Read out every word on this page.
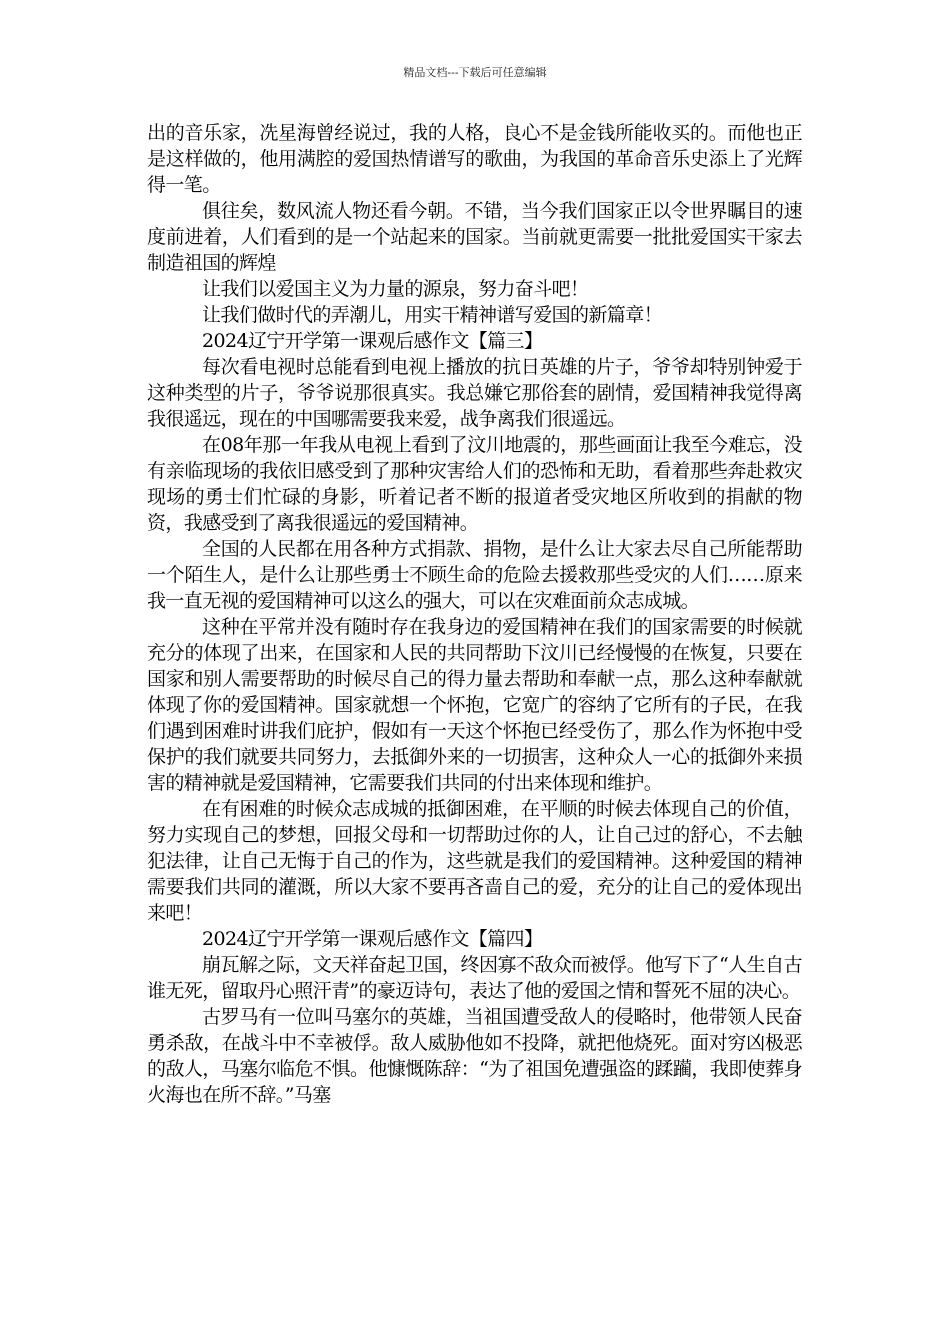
精品文档---下载后可任意编辑

出的音乐家，冼星海曾经说过，我的人格，良心不是金钱所能收买的。而他也正是这样做的，他用满腔的爱国热情谱写的歌曲，为我国的革命音乐史添上了光辉得一笔。

俱往矣，数风流人物还看今朝。不错，当今我们国家正以令世界瞩目的速度前进着，人们看到的是一个站起来的国家。当前就更需要一批批爱国实干家去制造祖国的辉煌

让我们以爱国主义为力量的源泉，努力奋斗吧！

让我们做时代的弄潮儿，用实干精神谱写爱国的新篇章！

2024辽宁开学第一课观后感作文【篇三】

每次看电视时总能看到电视上播放的抗日英雄的片子，爷爷却特别钟爱于这种类型的片子，爷爷说那很真实。我总嫌它那俗套的剧情，爱国精神我觉得离我很遥远，现在的中国哪需要我来爱，战争离我们很遥远。

在08年那一年我从电视上看到了汶川地震的，那些画面让我至今难忘，没有亲临现场的我依旧感受到了那种灾害给人们的恐怖和无助，看着那些奔赴救灾现场的勇士们忙碌的身影，听着记者不断的报道者受灾地区所收到的捐献的物资，我感受到了离我很遥远的爱国精神。

全国的人民都在用各种方式捐款、捐物，是什么让大家去尽自己所能帮助一个陌生人，是什么让那些勇士不顾生命的危险去援救那些受灾的人们……原来我一直无视的爱国精神可以这么的强大，可以在灾难面前众志成城。

这种在平常并没有随时存在我身边的爱国精神在我们的国家需要的时候就充分的体现了出来，在国家和人民的共同帮助下汶川已经慢慢的在恢复，只要在国家和别人需要帮助的时候尽自己的得力量去帮助和奉献一点，那么这种奉献就体现了你的爱国精神。国家就想一个怀抱，它宽广的容纳了它所有的子民，在我们遇到困难时讲我们庇护，假如有一天这个怀抱已经受伤了，那么作为怀抱中受保护的我们就要共同努力，去抵御外来的一切损害，这种众人一心的抵御外来损害的精神就是爱国精神，它需要我们共同的付出来体现和维护。

在有困难的时候众志成城的抵御困难，在平顺的时候去体现自己的价值，努力实现自己的梦想，回报父母和一切帮助过你的人，让自己过的舒心，不去触犯法律，让自己无悔于自己的作为，这些就是我们的爱国精神。这种爱国的精神需要我们共同的灌溉，所以大家不要再吝啬自己的爱，充分的让自己的爱体现出来吧！

2024辽宁开学第一课观后感作文【篇四】

崩瓦解之际，文天祥奋起卫国，终因寡不敌众而被俘。他写下了“人生自古谁无死，留取丹心照汗青”的豪迈诗句，表达了他的爱国之情和誓死不屈的决心。

古罗马有一位叫马塞尔的英雄，当祖国遭受敌人的侵略时，他带领人民奋勇杀敌，在战斗中不幸被俘。敌人威胁他如不投降，就把他烧死。面对穷凶极恶的敌人，马塞尔临危不惧。他慷慨陈辞：“为了祖国免遭强盗的蹂躏，我即使葬身火海也在所不辞。”马塞
